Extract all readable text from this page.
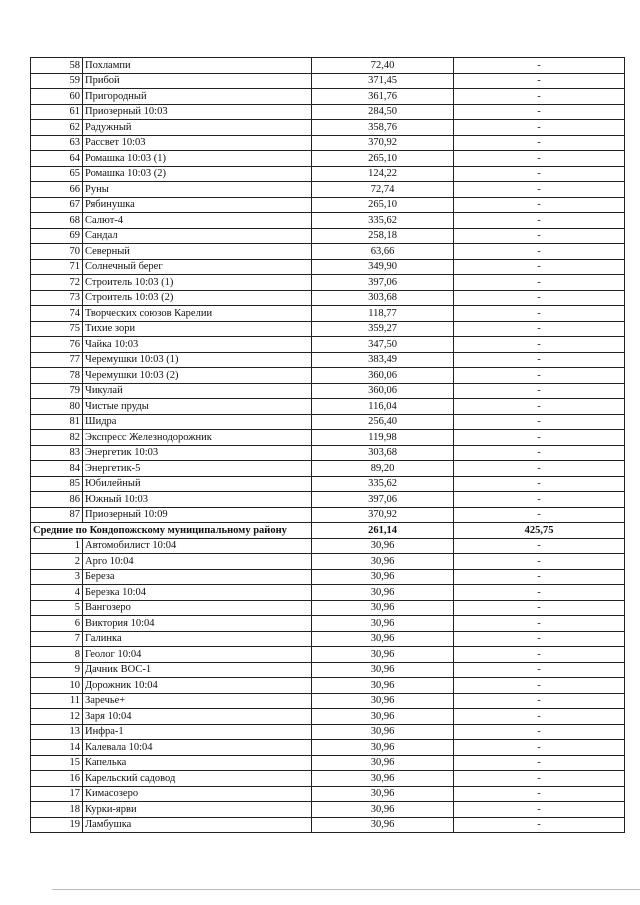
58	Похлампи	72,40	-
59	Прибой	371,45	-
60	Пригородный	361,76	-
61	Приозерный 10:03	284,50	-
62	Радужный	358,76	-
63	Рассвет 10:03	370,92	-
64	Ромашка 10:03 (1)	265,10	-
65	Ромашка 10:03 (2)	124,22	-
66	Руны	72,74	-
67	Рябинушка	265,10	-
68	Салют-4	335,62	-
69	Сандал	258,18	-
70	Северный	63,66	-
71	Солнечный берег	349,90	-
72	Строитель 10:03 (1)	397,06	-
73	Строитель 10:03 (2)	303,68	-
74	Творческих союзов Карелии	118,77	-
75	Тихие зори	359,27	-
76	Чайка 10:03	347,50	-
77	Черемушки 10:03 (1)	383,49	-
78	Черемушки 10:03 (2)	360,06	-
79	Чикулай	360,06	-
80	Чистые пруды	116,04	-
81	Шидра	256,40	-
82	Экспресс Железнодорожник	119,98	-
83	Энергетик 10:03	303,68	-
84	Энергетик-5	89,20	-
85	Юбилейный	335,62	-
86	Южный 10:03	397,06	-
87	Приозерный 10:09	370,92	-
Средние по Кондопожскому муниципальному району		261,14	425,75
1	Автомобилист 10:04	30,96	-
2	Арго 10:04	30,96	-
3	Береза	30,96	-
4	Березка 10:04	30,96	-
5	Вангозеро	30,96	-
6	Виктория 10:04	30,96	-
7	Галинка	30,96	-
8	Геолог 10:04	30,96	-
9	Дачник ВОС-1	30,96	-
10	Дорожник 10:04	30,96	-
11	Заречье+	30,96	-
12	Заря 10:04	30,96	-
13	Инфра-1	30,96	-
14	Калевала 10:04	30,96	-
15	Капелька	30,96	-
16	Карельский садовод	30,96	-
17	Кимасозеро	30,96	-
18	Курки-ярви	30,96	-
19	Ламбушка	30,96	-
